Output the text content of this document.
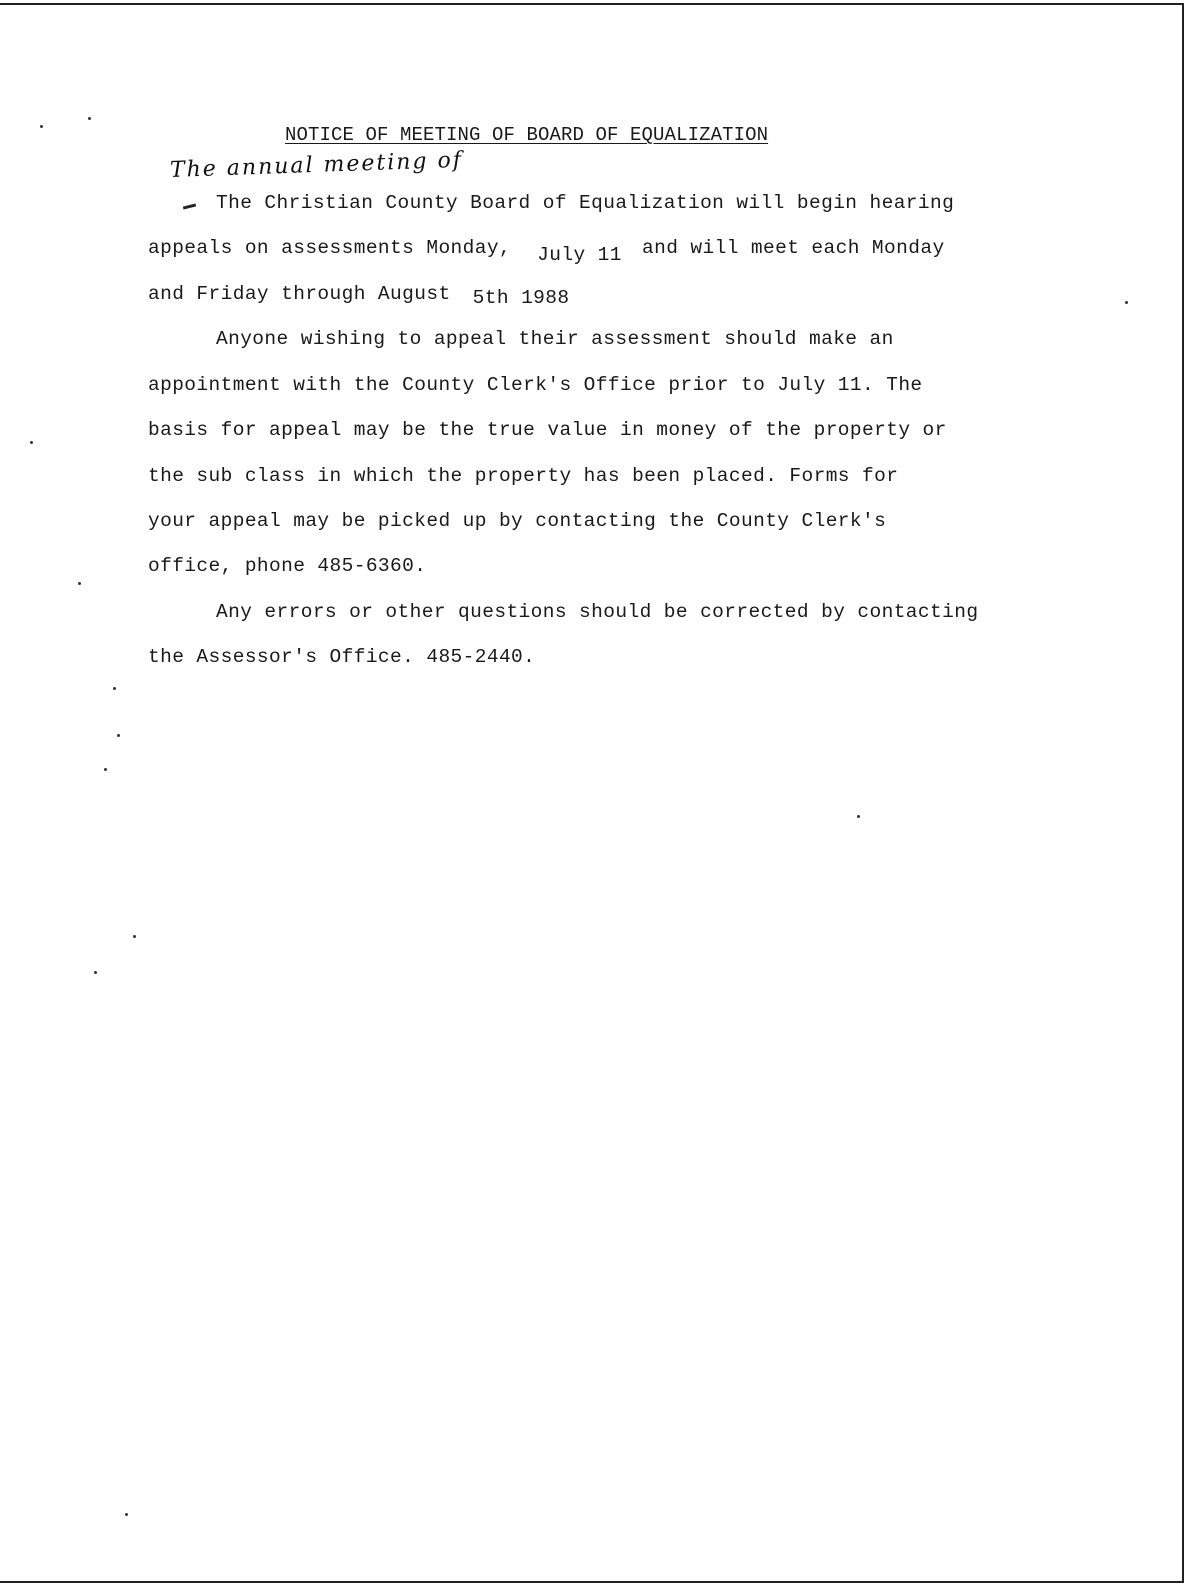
NOTICE OF MEETING OF BOARD OF EQUALIZATION
The annual meeting of
The Christian County Board of Equalization will begin hearing
appeals on assessments Monday, July 11 and will meet each Monday
and Friday through August 5th 1988
Anyone wishing to appeal their assessment should make an
appointment with the County Clerk's Office prior to July 11. The
basis for appeal may be the true value in money of the property or
the sub class in which the property has been placed. Forms for
your appeal may be picked up by contacting the County Clerk's
office, phone 485-6360.
Any errors or other questions should be corrected by contacting
the Assessor's Office. 485-2440.
